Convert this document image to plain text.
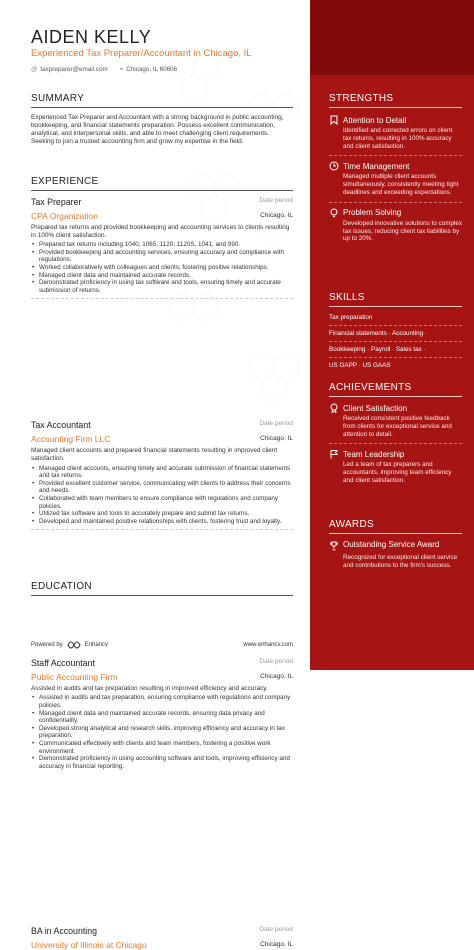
AIDEN KELLY
Experienced Tax Preparer/Accountant in Chicago, IL
@ taxpreparer@email.com ⌖ Chicago, IL 60606
SUMMARY
Experienced Tax Preparer and Accountant with a strong background in public accounting, bookkeeping, and financial statements preparation. Possess excellent communication, analytical, and interpersonal skills, and able to meet challenging client requirements. Seeking to join a trusted accounting firm and grow my expertise in the field.
EXPERIENCE
Tax Preparer	Date period
CPA Organization	Chicago, IL
Prepared tax returns and provided bookkeeping and accounting services to clients resulting in 100% client satisfaction.
• Prepared tax returns including 1040, 1065, 1120, 1120S, 1041, and 990.
• Provided bookkeeping and accounting services, ensuring accuracy and compliance with regulations.
• Worked collaboratively with colleagues and clients, fostering positive relationships.
• Managed client data and maintained accurate records.
• Demonstrated proficiency in using tax software and tools, ensuring timely and accurate submission of returns.
Tax Accountant	Date period
Accounting Firm LLC	Chicago, IL
Managed client accounts and prepared financial statements resulting in improved client satisfaction.
• Managed client accounts, ensuring timely and accurate submission of financial statements and tax returns.
• Provided excellent customer service, communicating with clients to address their concerns and needs.
• Collaborated with team members to ensure compliance with regulations and company policies.
• Utilized tax software and tools to accurately prepare and submit tax returns.
• Developed and maintained positive relationships with clients, fostering trust and loyalty.
Staff Accountant	Date period
Public Accounting Firm	Chicago, IL
Assisted in audits and tax preparation resulting in improved efficiency and accuracy.
• Assisted in audits and tax preparation, ensuring compliance with regulations and company policies.
• Managed client data and maintained accurate records, ensuring data privacy and confidentiality.
• Developed strong analytical and research skills, improving efficiency and accuracy in tax preparation.
• Communicated effectively with clients and team members, fostering a positive work environment.
• Demonstrated proficiency in using accounting software and tools, improving efficiency and accuracy in financial reporting.
EDUCATION
BA in Accounting	Date period
University of Illinois at Chicago	Chicago, IL
Powered by	Enhancv	www.enhancv.com
STRENGTHS
Attention to Detail
Identified and corrected errors on client tax returns, resulting in 100% accuracy and client satisfaction.
Time Management
Managed multiple client accounts simultaneously, consistently meeting tight deadlines and exceeding expectations.
Problem Solving
Developed innovative solutions to complex tax issues, reducing client tax liabilities by up to 20%.
SKILLS
Tax preparation
Financial statements · Accounting ·
Bookkeeping · Payroll · Sales tax ·
US GAPP · US GAAS
ACHIEVEMENTS
Client Satisfaction
Received consistent positive feedback from clients for exceptional service and attention to detail.
Team Leadership
Led a team of tax preparers and accountants, improving team efficiency and client satisfaction.
AWARDS
Outstanding Service Award
Recognized for exceptional client service and contributions to the firm's success.
